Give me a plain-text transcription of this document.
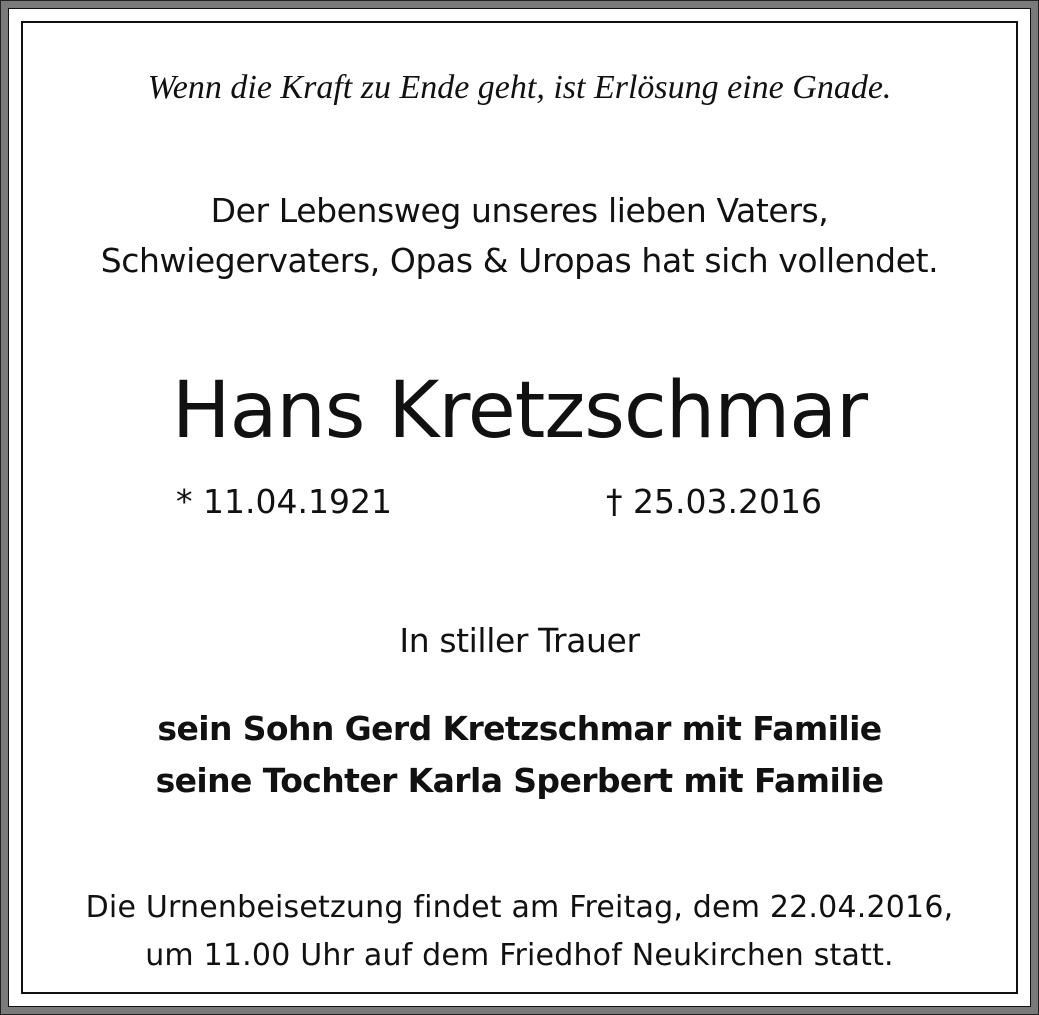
Wenn die Kraft zu Ende geht, ist Erlösung eine Gnade.
Der Lebensweg unseres lieben Vaters,
Schwiegervaters, Opas & Uropas hat sich vollendet.
Hans Kretzschmar
* 11.04.1921	† 25.03.2016
In stiller Trauer
sein Sohn Gerd Kretzschmar mit Familie
seine Tochter Karla Sperbert mit Familie
Die Urnenbeisetzung findet am Freitag, dem 22.04.2016,
um 11.00 Uhr auf dem Friedhof Neukirchen statt.
